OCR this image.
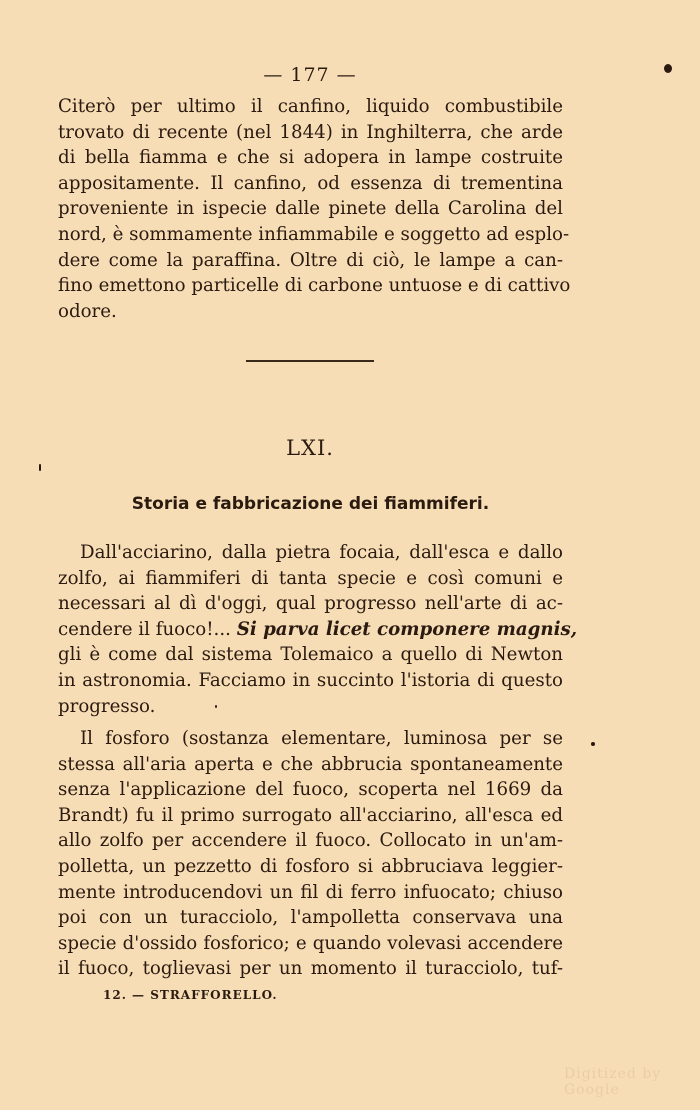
— 177 —
Citerò per ultimo il canfino, liquido combustibile
trovato di recente (nel 1844) in Inghilterra, che arde
di bella fiamma e che si adopera in lampe costruite
appositamente. Il canfino, od essenza di trementina
proveniente in ispecie dalle pinete della Carolina del
nord, è sommamente infiammabile e soggetto ad esplo-
dere come la paraffina. Oltre di ciò, le lampe a can-
fino emettono particelle di carbone untuose e di cattivo
odore.
LXI.
Storia e fabbricazione dei fiammiferi.
Dall'acciarino, dalla pietra focaia, dall'esca e dallo
zolfo, ai fiammiferi di tanta specie e così comuni e
necessari al dì d'oggi, qual progresso nell'arte di ac-
cendere il fuoco!... Si parva licet componere magnis,
gli è come dal sistema Tolemaico a quello di Newton
in astronomia. Facciamo in succinto l'istoria di questo
progresso.
Il fosforo (sostanza elementare, luminosa per se
stessa all'aria aperta e che abbrucia spontaneamente
senza l'applicazione del fuoco, scoperta nel 1669 da
Brandt) fu il primo surrogato all'acciarino, all'esca ed
allo zolfo per accendere il fuoco. Collocato in un'am-
polletta, un pezzetto di fosforo si abbruciava leggier-
mente introducendovi un fil di ferro infuocato; chiuso
poi con un turacciolo, l'ampolletta conservava una
specie d'ossido fosforico; e quando volevasi accendere
il fuoco, toglievasi per un momento il turacciolo, tuf-
12. — STRAFFORELLO.
Digitized by Google
